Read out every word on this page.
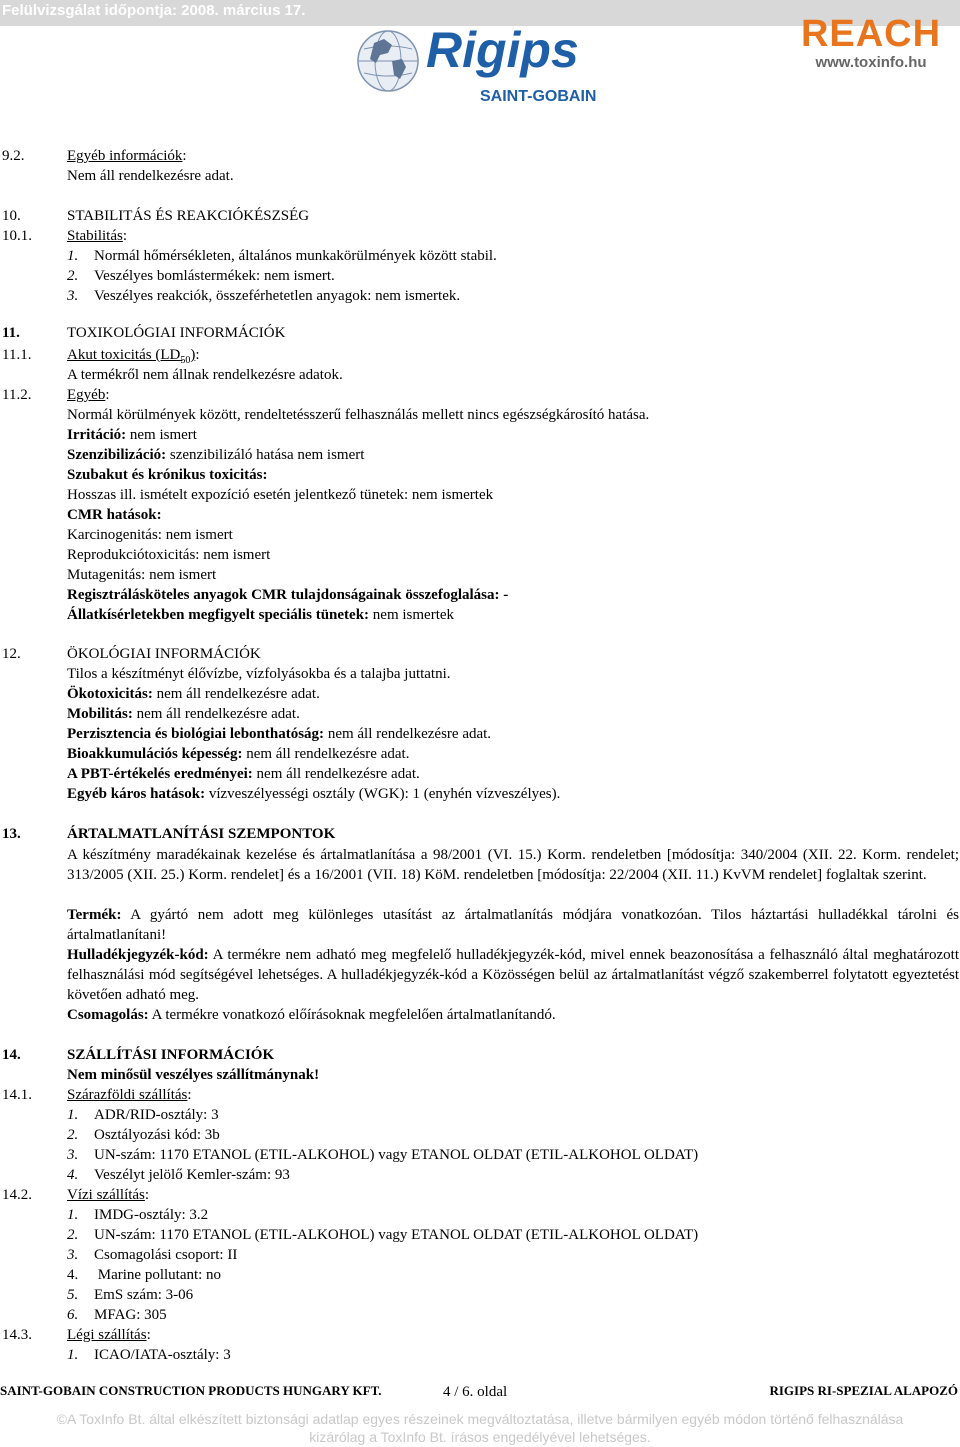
Felülvizsgálat időpontja: 2008. március 17.
Rigips
SAINT-GOBAIN
REACH
www.toxinfo.hu
9.2.	Egyéb információk:
Nem áll rendelkezésre adat.
10.	STABILITÁS ÉS REAKCIÓKÉSZSÉG
10.1. Stabilitás:
1. Normál hőmérsékleten, általános munkakörülmények között stabil.
2. Veszélyes bomlástermékek: nem ismert.
3. Veszélyes reakciók, összeférhetetlen anyagok: nem ismertek.
11.	TOXIKOLÓGIAI INFORMÁCIÓK
11.1. Akut toxicitás $(LD_{50})$:
A termékről nem állnak rendelkezésre adatok.
11.2. Egyéb:
Normál körülmények között, rendeltetésszerű felhasználás mellett nincs egészségkárosító hatása.
Irritáció: nem ismert
Szenzibilizáció: szenzibilizáló hatása nem ismert
Szubakut és krónikus toxicitás:
Hosszas ill. ismételt expozíció esetén jelentkező tünetek: nem ismertek
CMR hatások:
Karcinogenitás: nem ismert
Reprodukciótoxicitás: nem ismert
Mutagenitás: nem ismert
Regisztrálásköteles anyagok CMR tulajdonságainak összefoglalása: -
Állatkísérletekben megfigyelt speciális tünetek: nem ismertek
12.	ÖKOLÓGIAI INFORMÁCIÓK
Tilos a készítményt élővízbe, vízfolyásokba és a talajba juttatni.
Ökotoxicitás: nem áll rendelkezésre adat.
Mobilitás: nem áll rendelkezésre adat.
Perzisztencia és biológiai lebonthatóság: nem áll rendelkezésre adat.
Bioakkumulációs képesség: nem áll rendelkezésre adat.
A PBT-értékelés eredményei: nem áll rendelkezésre adat.
Egyéb káros hatások: vízveszélyességi osztály (WGK): 1 (enyhén vízveszélyes).
13.	ÁRTALMATLANÍTÁSI SZEMPONTOK
A készítmény maradékainak kezelése és ártalmatlanítása a 98/2001 (VI. 15.) Korm. rendeletben [módosítja: 340/2004 (XII. 22. Korm. rendelet; 313/2005 (XII. 25.) Korm. rendelet] és a 16/2001 (VII. 18) KöM. rendeletben [módosítja: 22/2004 (XII. 11.) KvVM rendelet] foglaltak szerint.
Termék: A gyártó nem adott meg különleges utasítást az ártalmatlanítás módjára vonatkozóan. Tilos háztartási hulladékkal tárolni és ártalmatlanítani!
Hulladékjegyzék-kód: A termékre nem adható meg megfelelő hulladékjegyzék-kód, mivel ennek beazonosítása a felhasználó által meghatározott felhasználási mód segítségével lehetséges. A hulladékjegyzék-kód a Közösségen belül az ártalmatlanítást végző szakemberrel folytatott egyeztetést követően adható meg.
Csomagolás: A termékre vonatkozó előírásoknak megfelelően ártalmatlanítandó.
14.	SZÁLLÍTÁSI INFORMÁCIÓK
Nem minősül veszélyes szállítmánynak!
14.1. Szárazföldi szállítás:
1. ADR/RID-osztály: 3
2. Osztályozási kód: 3b
3. UN-szám: 1170 ETANOL (ETIL-ALKOHOL) vagy ETANOL OLDAT (ETIL-ALKOHOL OLDAT)
4. Veszélyt jelölő Kemler-szám: 93
14.2. Vízi szállítás:
1. IMDG-osztály: 3.2
2. UN-szám: 1170 ETANOL (ETIL-ALKOHOL) vagy ETANOL OLDAT (ETIL-ALKOHOL OLDAT)
3. Csomagolási csoport: II
4. Marine pollutant: no
5. EmS szám: 3-06
6. MFAG: 305
14.3. Légi szállítás:
1. ICAO/IATA-osztály: 3
SAINT-GOBAIN CONSTRUCTION PRODUCTS HUNGARY KFT.	4 / 6. oldal	RIGIPS RI-SPEZIAL ALAPOZÓ
©A ToxInfo Bt. által elkészített biztonsági adatlap egyes részeinek megváltoztatása, illetve bármilyen egyéb módon történő felhasználása
kizárólag a ToxInfo Bt. írásos engedélyével lehetséges.
